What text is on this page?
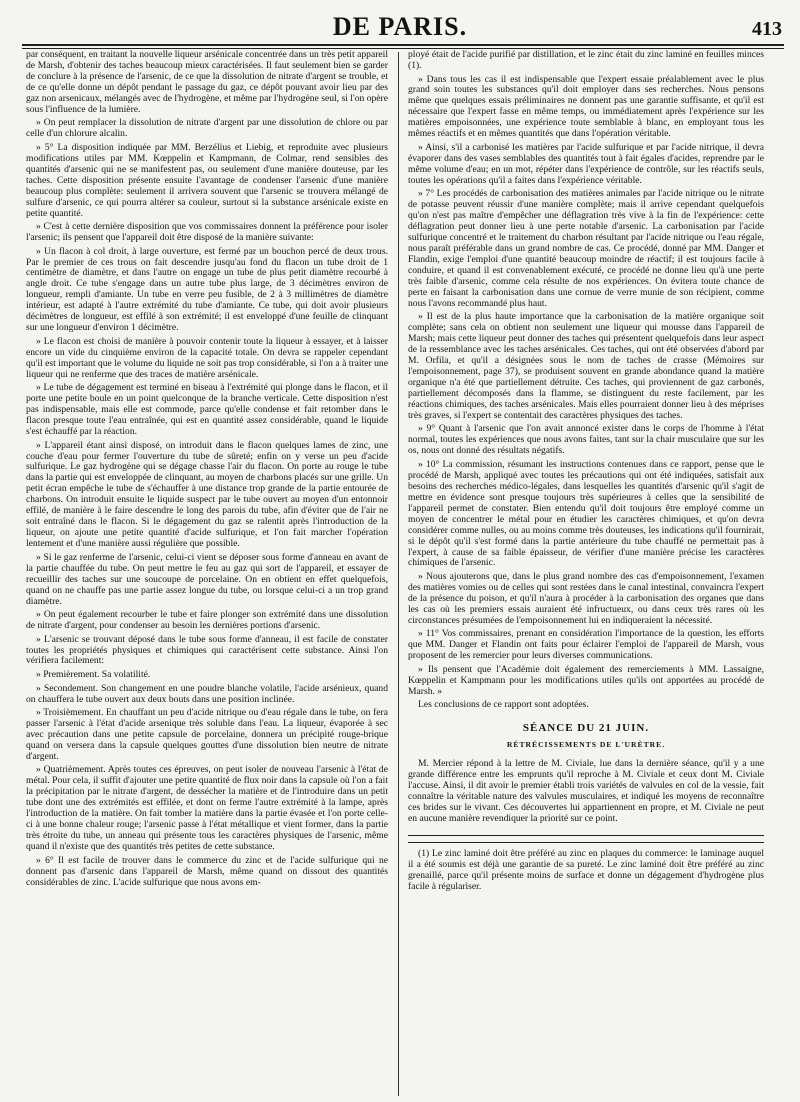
DE PARIS.	413

par conséquent, en traitant la nouvelle liqueur arsénicale concentrée dans un très petit appareil de Marsh, d'obtenir des taches beaucoup mieux caractérisées. Il faut seulement bien se garder de conclure à la présence de l'arsenic, de ce que la dissolution de nitrate d'argent se trouble, et de ce qu'elle donne un dépôt pendant le passage du gaz, ce dépôt pouvant avoir lieu par des gaz non arsenicaux, mélangés avec de l'hydrogène, et même par l'hydrogène seul, si l'on opère sous l'influence de la lumière.

» On peut remplacer la dissolution de nitrate d'argent par une dissolution de chlore ou par celle d'un chlorure alcalin.

» 5° La disposition indiquée par MM. Berzélius et Liebig, et reproduite avec plusieurs modifications utiles par MM. Kœppelin et Kampmann, de Colmar, rend sensibles des quantités d'arsenic qui ne se manifestent pas, ou seulement d'une manière douteuse, par les taches. Cette disposition présente ensuite l'avantage de condenser l'arsenic d'une manière beaucoup plus complète: seulement il arrivera souvent que l'arsenic se trouvera mélangé de sulfure d'arsenic, ce qui pourra altérer sa couleur, surtout si la substance arsénicale existe en petite quantité.

» C'est à cette dernière disposition que vos commissaires donnent la préférence pour isoler l'arsenic; ils pensent que l'appareil doit être disposé de la manière suivante:

» Un flacon à col droit, à large ouverture, est fermé par un bouchon percé de deux trous. Par le premier de ces trous on fait descendre jusqu'au fond du flacon un tube droit de 1 centimètre de diamètre, et dans l'autre on engage un tube de plus petit diamètre recourbé à angle droit. Ce tube s'engage dans un autre tube plus large, de 3 décimètres environ de longueur, rempli d'amiante. Un tube en verre peu fusible, de 2 à 3 millimètres de diamètre intérieur, est adapté à l'autre extrémité du tube d'amiante. Ce tube, qui doit avoir plusieurs décimètres de longueur, est effilé à son extrémité; il est enveloppé d'une feuille de clinquant sur une longueur d'environ 1 décimètre.

» Le flacon est choisi de manière à pouvoir contenir toute la liqueur à essayer, et à laisser encore un vide du cinquième environ de la capacité totale. On devra se rappeler cependant qu'il est important que le volume du liquide ne soit pas trop considérable, si l'on a à traiter une liqueur qui ne renferme que des traces de matière arsénicale.

» Le tube de dégagement est terminé en biseau à l'extrémité qui plonge dans le flacon, et il porte une petite boule en un point quelconque de la branche verticale. Cette disposition n'est pas indispensable, mais elle est commode, parce qu'elle condense et fait retomber dans le flacon presque toute l'eau entraînée, qui est en quantité assez considérable, quand le liquide s'est échauffé par la réaction.

» L'appareil étant ainsi disposé, on introduit dans le flacon quelques lames de zinc, une couche d'eau pour fermer l'ouverture du tube de sûreté; enfin on y verse un peu d'acide sulfurique. Le gaz hydrogène qui se dégage chasse l'air du flacon. On porte au rouge le tube dans la partie qui est enveloppée de clinquant, au moyen de charbons placés sur une grille. Un petit écran empêche le tube de s'échauffer à une distance trop grande de la partie entourée de charbons. On introduit ensuite le liquide suspect par le tube ouvert au moyen d'un entonnoir effilé, de manière à le faire descendre le long des parois du tube, afin d'éviter que de l'air ne soit entraîné dans le flacon. Si le dégagement du gaz se ralentit après l'introduction de la liqueur, on ajoute une petite quantité d'acide sulfurique, et l'on fait marcher l'opération lentement et d'une manière aussi régulière que possible.

» Si le gaz renferme de l'arsenic, celui-ci vient se déposer sous forme d'anneau en avant de la partie chauffée du tube. On peut mettre le feu au gaz qui sort de l'appareil, et essayer de recueillir des taches sur une soucoupe de porcelaine. On en obtient en effet quelquefois, quand on ne chauffe pas une partie assez longue du tube, ou lorsque celui-ci a un trop grand diamètre.

» On peut également recourber le tube et faire plonger son extrémité dans une dissolution de nitrate d'argent, pour condenser au besoin les dernières portions d'arsenic.

» L'arsenic se trouvant déposé dans le tube sous forme d'anneau, il est facile de constater toutes les propriétés physiques et chimiques qui caractérisent cette substance. Ainsi l'on vérifiera facilement:

» Premièrement. Sa volatilité.

» Secondement. Son changement en une poudre blanche volatile, l'acide arsénieux, quand on chauffera le tube ouvert aux deux bouts dans une position inclinée.

» Troisièmement. En chauffant un peu d'acide nitrique ou d'eau régale dans le tube, on fera passer l'arsenic à l'état d'acide arsenique très soluble dans l'eau. La liqueur, évaporée à sec avec précaution dans une petite capsule de porcelaine, donnera un précipité rouge-brique quand on versera dans la capsule quelques gouttes d'une dissolution bien neutre de nitrate d'argent.

» Quatrièmement. Après toutes ces épreuves, on peut isoler de nouveau l'arsenic à l'état de métal. Pour cela, il suffit d'ajouter une petite quantité de flux noir dans la capsule où l'on a fait la précipitation par le nitrate d'argent, de dessécher la matière et de l'introduire dans un petit tube dont une des extrémités est effilée, et dont on ferme l'autre extrémité à la lampe, après l'introduction de la matière. On fait tomber la matière dans la partie évasée et l'on porte celle-ci à une bonne chaleur rouge; l'arsenic passe à l'état métallique et vient former, dans la partie très étroite du tube, un anneau qui présente tous les caractères physiques de l'arsenic, même quand il n'existe que des quantités très petites de cette substance.

» 6° Il est facile de trouver dans le commerce du zinc et de l'acide sulfurique qui ne donnent pas d'arsenic dans l'appareil de Marsh, même quand on dissout des quantités considérables de zinc. L'acide sulfurique que nous avons em-

ployé était de l'acide purifié par distillation, et le zinc était du zinc laminé en feuilles minces (1).

» Dans tous les cas il est indispensable que l'expert essaie préalablement avec le plus grand soin toutes les substances qu'il doit employer dans ses recherches. Nous pensons même que quelques essais préliminaires ne donnent pas une garantie suffisante, et qu'il est nécessaire que l'expert fasse en même temps, ou immédiatement après l'expérience sur les matières empoisonnées, une expérience toute semblable à blanc, en employant tous les mêmes réactifs et en mêmes quantités que dans l'opération véritable.

» Ainsi, s'il a carbonisé les matières par l'acide sulfurique et par l'acide nitrique, il devra évaporer dans des vases semblables des quantités tout à fait égales d'acides, reprendre par le même volume d'eau; en un mot, répéter dans l'expérience de contrôle, sur les réactifs seuls, toutes les opérations qu'il a faites dans l'expérience véritable.

» 7° Les procédés de carbonisation des matières animales par l'acide nitrique ou le nitrate de potasse peuvent réussir d'une manière complète; mais il arrive cependant quelquefois qu'on n'est pas maître d'empêcher une déflagration très vive à la fin de l'expérience: cette déflagration peut donner lieu à une perte notable d'arsenic. La carbonisation par l'acide sulfurique concentré et le traitement du charbon résultant par l'acide nitrique ou l'eau régale, nous paraît préférable dans un grand nombre de cas. Ce procédé, donné par MM. Danger et Flandin, exige l'emploi d'une quantité beaucoup moindre de réactif; il est toujours facile à conduire, et quand il est convenablement exécuté, ce procédé ne donne lieu qu'à une perte très faible d'arsenic, comme cela résulte de nos expériences. On évitera toute chance de perte en faisant la carbonisation dans une cornue de verre munie de son récipient, comme nous l'avons recommandé plus haut.

» Il est de la plus haute importance que la carbonisation de la matière organique soit complète; sans cela on obtient non seulement une liqueur qui mousse dans l'appareil de Marsh; mais cette liqueur peut donner des taches qui présentent quelquefois dans leur aspect de la ressemblance avec les taches arsénicales. Ces taches, qui ont été observées d'abord par M. Orfila, et qu'il a désignées sous le nom de taches de crasse (Mémoires sur l'empoisonnement, page 37), se produisent souvent en grande abondance quand la matière organique n'a été que partiellement détruite. Ces taches, qui proviennent de gaz carbonés, partiellement décomposés dans la flamme, se distinguent du reste facilement, par les réactions chimiques, des taches arsénicales. Mais elles pourraient donner lieu à des méprises très graves, si l'expert se contentait des caractères physiques des taches.

» 9° Quant à l'arsenic que l'on avait annoncé exister dans le corps de l'homme à l'état normal, toutes les expériences que nous avons faites, tant sur la chair musculaire que sur les os, nous ont donné des résultats négatifs.

» 10° La commission, résumant les instructions contenues dans ce rapport, pense que le procédé de Marsh, appliqué avec toutes les précautions qui ont été indiquées, satisfait aux besoins des recherches médico-légales, dans lesquelles les quantités d'arsenic qu'il s'agit de mettre en évidence sont presque toujours très supérieures à celles que la sensibilité de l'appareil permet de constater. Bien entendu qu'il doit toujours être employé comme un moyen de concentrer le métal pour en étudier les caractères chimiques, et qu'on devra considérer comme nulles, ou au moins comme très douteuses, les indications qu'il fournirait, si le dépôt qu'il s'est formé dans la partie antérieure du tube chauffé ne permettait pas à l'expert, à cause de sa faible épaisseur, de vérifier d'une manière précise les caractères chimiques de l'arsenic.

» Nous ajouterons que, dans le plus grand nombre des cas d'empoisonnement, l'examen des matières vomies ou de celles qui sont restées dans le canal intestinal, convaincra l'expert de la présence du poison, et qu'il n'aura à procéder à la carbonisation des organes que dans les cas où les premiers essais auraient été infructueux, ou dans ceux très rares où les circonstances présumées de l'empoisonnement lui en indiqueraient la nécessité.

» 11° Vos commissaires, prenant en considération l'importance de la question, les efforts que MM. Danger et Flandin ont faits pour éclairer l'emploi de l'appareil de Marsh, vous proposent de les remercier pour leurs diverses communications.

» Ils pensent que l'Académie doit également des remerciements à MM. Lassaigne, Kœppelin et Kampmann pour les modifications utiles qu'ils ont apportées au procédé de Marsh. »

Les conclusions de ce rapport sont adoptées.

SÉANCE DU 21 JUIN.
RÉTRÉCISSEMENTS DE L'URÈTRE.

M. Mercier répond à la lettre de M. Civiale, lue dans la dernière séance, qu'il y a une grande différence entre les emprunts qu'il reproche à M. Civiale et ceux dont M. Civiale l'accuse. Ainsi, il dit avoir le premier établi trois variétés de valvules en col de la vessie, fait connaître la véritable nature des valvules musculaires, et indiqué les moyens de reconnaître ces brides sur le vivant. Ces découvertes lui appartiennent en propre, et M. Civiale ne peut en aucune manière revendiquer la priorité sur ce point.

(1) Le zinc laminé doit être préféré au zinc en plaques du commerce: le laminage auquel il a été soumis est déjà une garantie de sa pureté. Le zinc laminé doit être préféré au zinc grenaillé, parce qu'il présente moins de surface et donne un dégagement d'hydrogène plus facile à régulariser.
